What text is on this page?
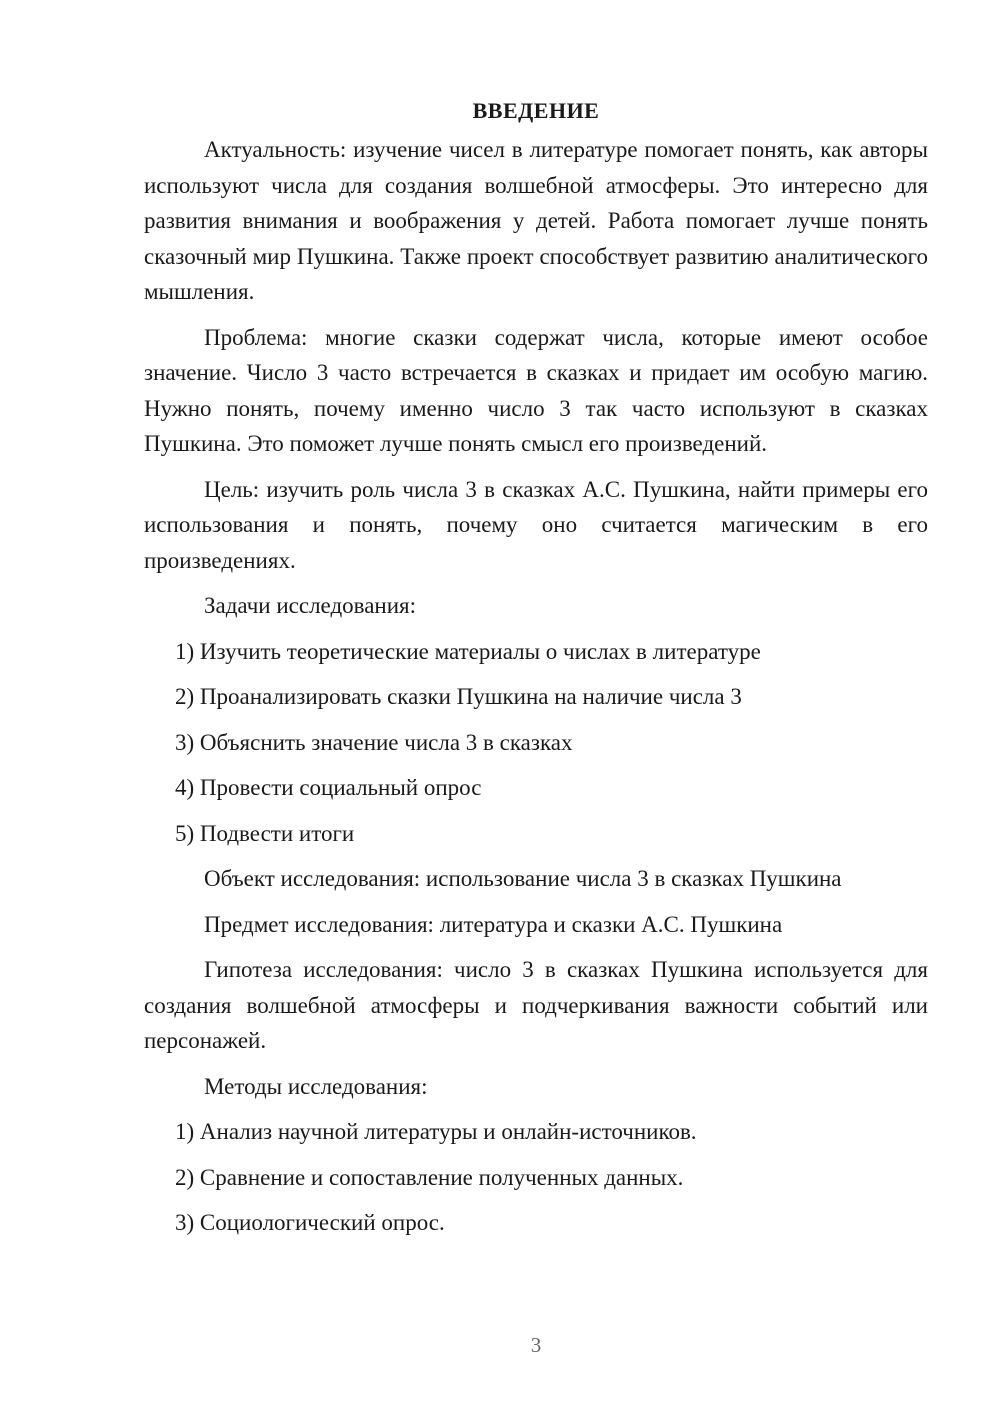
ВВЕДЕНИЕ

Актуальность: изучение чисел в литературе помогает понять, как авторы используют числа для создания волшебной атмосферы. Это интересно для развития внимания и воображения у детей. Работа помогает лучше понять сказочный мир Пушкина. Также проект способствует развитию аналитического мышления.

Проблема: многие сказки содержат числа, которые имеют особое значение. Число 3 часто встречается в сказках и придает им особую магию. Нужно понять, почему именно число 3 так часто используют в сказках Пушкина. Это поможет лучше понять смысл его произведений.

Цель: изучить роль числа 3 в сказках А.С. Пушкина, найти примеры его использования и понять, почему оно считается магическим в его произведениях.

Задачи исследования:

1) Изучить теоретические материалы о числах в литературе

2) Проанализировать сказки Пушкина на наличие числа 3

3) Объяснить значение числа 3 в сказках

4) Провести социальный опрос

5) Подвести итоги

Объект исследования: использование числа 3 в сказках Пушкина

Предмет исследования: литература и сказки А.С. Пушкина

Гипотеза исследования: число 3 в сказках Пушкина используется для создания волшебной атмосферы и подчеркивания важности событий или персонажей.

Методы исследования:

1) Анализ научной литературы и онлайн-источников.

2) Сравнение и сопоставление полученных данных.

3) Социологический опрос.

3
